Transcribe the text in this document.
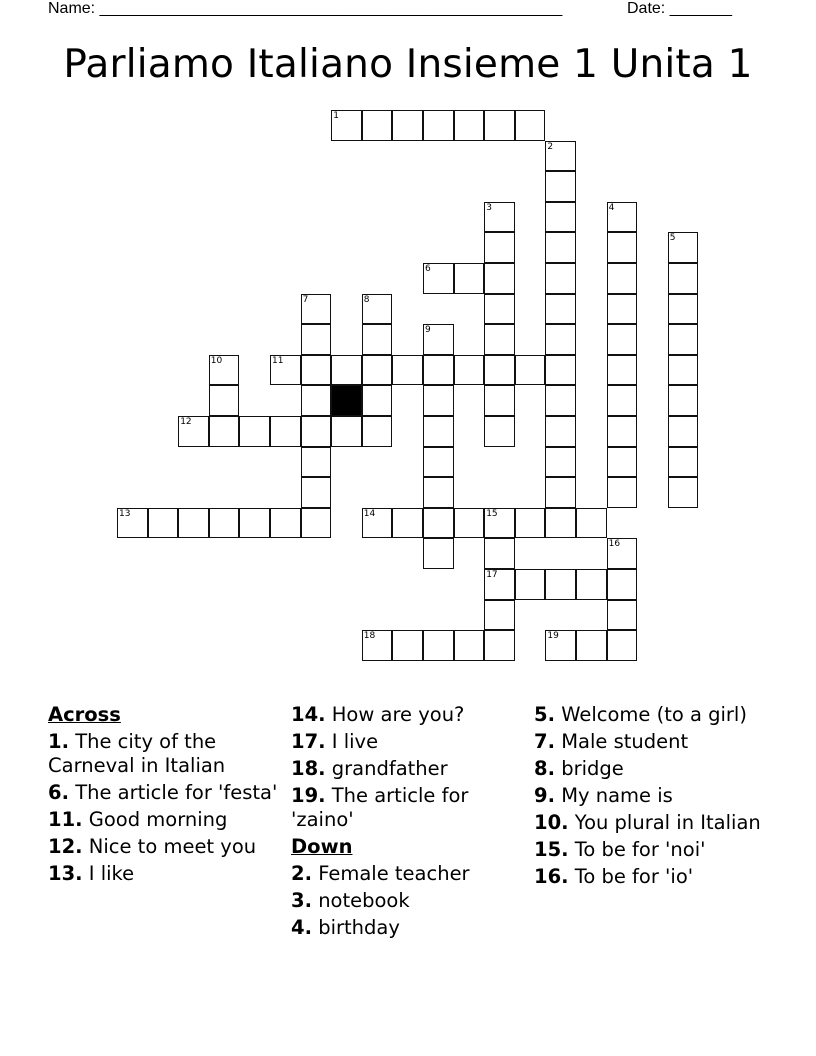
Name: ____________________________________________________	Date: _______
Parliamo Italiano Insieme 1 Unita 1
1
2
3	4
5
6
7	8
9
10	11
12
13	14	15
17
16
18	19
Across
1. The city of the Carneval in Italian
6. The article for 'festa'
11. Good morning
12. Nice to meet you
13. I like
14. How are you?
17. I live
18. grandfather
19. The article for 'zaino'
Down
2. Female teacher
3. notebook
4. birthday
5. Welcome (to a girl)
7. Male student
8. bridge
9. My name is
10. You plural in Italian
15. To be for 'noi'
16. To be for 'io'
